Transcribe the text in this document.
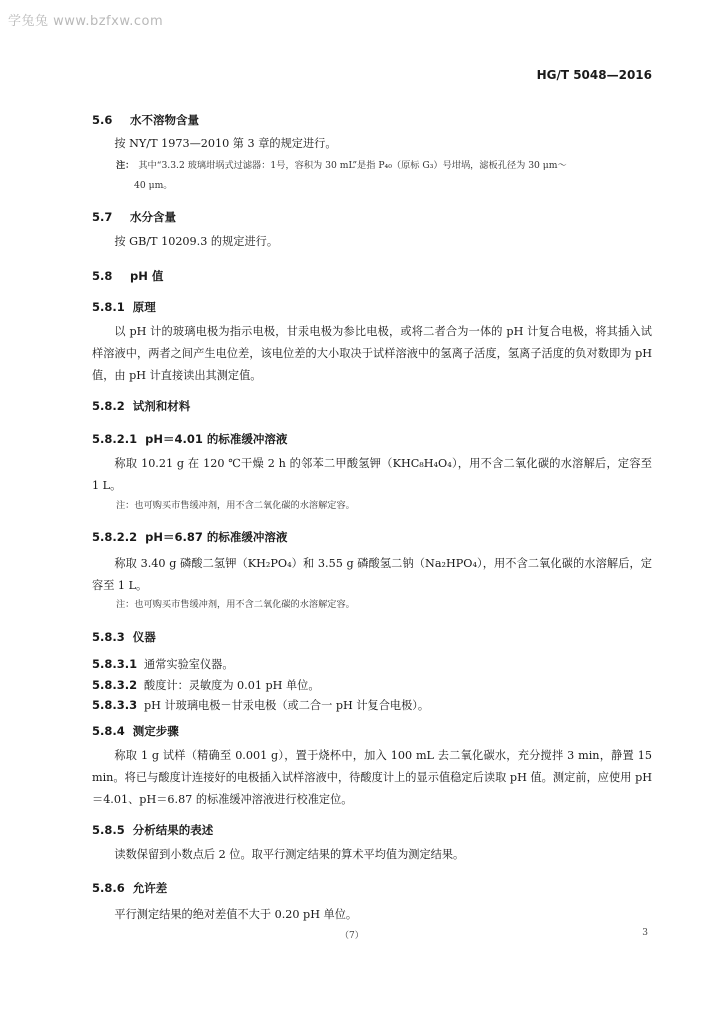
学兔兔 www.bzfxw.com
HG/T 5048—2016
5.6 水不溶物含量
按 NY/T 1973—2010 第 3 章的规定进行。
注： 其中“3.3.2 玻璃坩埚式过滤器：1号，容积为 30 mL”是指 P₄₀（原标 G₃）号坩埚，滤板孔径为 30 μm～
40 μm。
5.7 水分含量
按 GB/T 10209.3 的规定进行。
5.8 pH 值
5.8.1 原理
以 pH 计的玻璃电极为指示电极，甘汞电极为参比电极，或将二者合为一体的 pH 计复合电极，将其插入试样溶液中，两者之间产生电位差，该电位差的大小取决于试样溶液中的氢离子活度，氢离子活度的负对数即为 pH 值，由 pH 计直接读出其测定值。
5.8.2 试剂和材料
5.8.2.1 pH＝4.01 的标准缓冲溶液
称取 10.21 g 在 120 ℃干燥 2 h 的邻苯二甲酸氢钾（KHC₈H₄O₄），用不含二氧化碳的水溶解后，定容至 1 L。
注：也可购买市售缓冲剂，用不含二氧化碳的水溶解定容。
5.8.2.2 pH＝6.87 的标准缓冲溶液
称取 3.40 g 磷酸二氢钾（KH₂PO₄）和 3.55 g 磷酸氢二钠（Na₂HPO₄），用不含二氧化碳的水溶解后，定容至 1 L。
注：也可购买市售缓冲剂，用不含二氧化碳的水溶解定容。
5.8.3 仪器
5.8.3.1 通常实验室仪器。
5.8.3.2 酸度计：灵敏度为 0.01 pH 单位。
5.8.3.3 pH 计玻璃电极－甘汞电极（或二合一 pH 计复合电极）。
5.8.4 测定步骤
称取 1 g 试样（精确至 0.001 g），置于烧杯中，加入 100 mL 去二氧化碳水，充分搅拌 3 min，静置 15 min。将已与酸度计连接好的电极插入试样溶液中，待酸度计上的显示值稳定后读取 pH 值。测定前，应使用 pH＝4.01、pH＝6.87 的标准缓冲溶液进行校准定位。
5.8.5 分析结果的表述
读数保留到小数点后 2 位。取平行测定结果的算术平均值为测定结果。
5.8.6 允许差
平行测定结果的绝对差值不大于 0.20 pH 单位。
（7）	3
